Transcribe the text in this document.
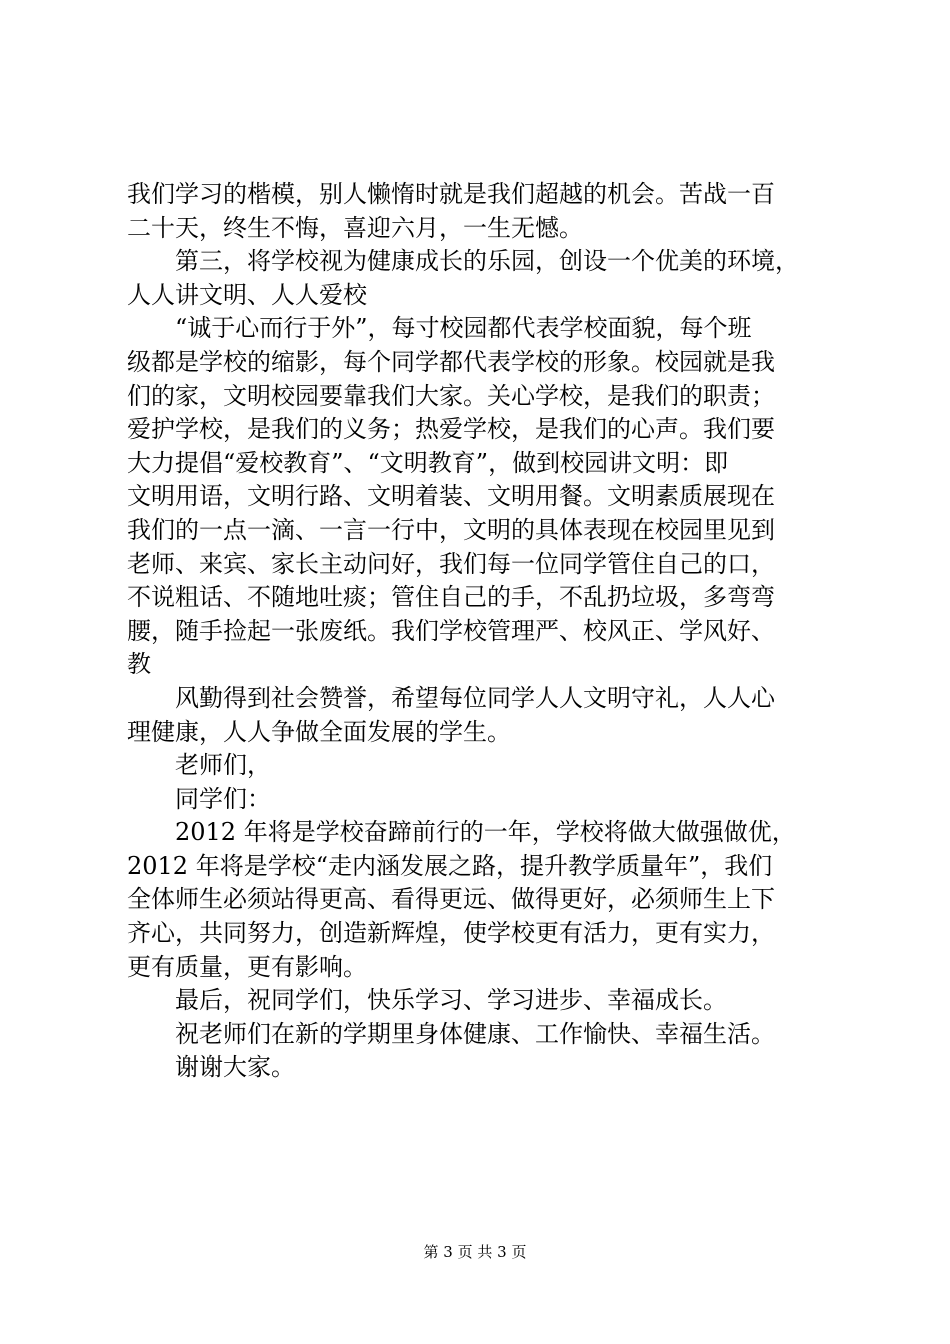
我们学习的楷模，别人懒惰时就是我们超越的机会。苦战一百
二十天，终生不悔，喜迎六月，一生无憾。
第三，将学校视为健康成长的乐园，创设一个优美的环境，
人人讲文明、人人爱校
“诚于心而行于外”，每寸校园都代表学校面貌，每个班
级都是学校的缩影，每个同学都代表学校的形象。校园就是我
们的家，文明校园要靠我们大家。关心学校，是我们的职责；
爱护学校，是我们的义务；热爱学校，是我们的心声。我们要
大力提倡“爱校教育”、“文明教育”，做到校园讲文明：即
文明用语，文明行路、文明着装、文明用餐。文明素质展现在
我们的一点一滴、一言一行中，文明的具体表现在校园里见到
老师、来宾、家长主动问好，我们每一位同学管住自己的口，
不说粗话、不随地吐痰；管住自己的手，不乱扔垃圾，多弯弯
腰，随手捡起一张废纸。我们学校管理严、校风正、学风好、
教
风勤得到社会赞誉，希望每位同学人人文明守礼，人人心
理健康，人人争做全面发展的学生。
老师们，
同学们：
2012 年将是学校奋蹄前行的一年，学校将做大做强做优，
2012 年将是学校“走内涵发展之路，提升教学质量年”，我们
全体师生必须站得更高、看得更远、做得更好，必须师生上下
齐心，共同努力，创造新辉煌，使学校更有活力，更有实力，
更有质量，更有影响。
最后，祝同学们，快乐学习、学习进步、幸福成长。
祝老师们在新的学期里身体健康、工作愉快、幸福生活。
谢谢大家。
第 3 页 共 3 页
